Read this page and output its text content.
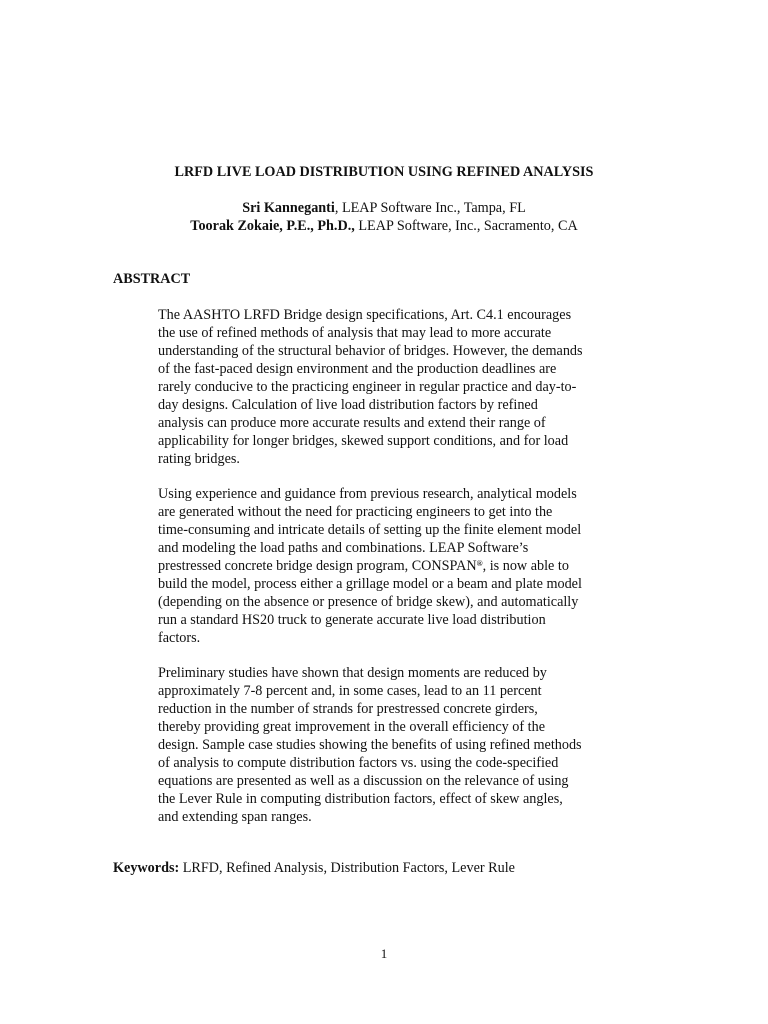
LRFD LIVE LOAD DISTRIBUTION USING REFINED ANALYSIS
Sri Kanneganti, LEAP Software Inc., Tampa, FL
Toorak Zokaie, P.E., Ph.D., LEAP Software, Inc., Sacramento, CA
ABSTRACT
The AASHTO LRFD Bridge design specifications, Art. C4.1 encourages
the use of refined methods of analysis that may lead to more accurate
understanding of the structural behavior of bridges. However, the demands
of the fast-paced design environment and the production deadlines are
rarely conducive to the practicing engineer in regular practice and day-to-
day designs. Calculation of live load distribution factors by refined
analysis can produce more accurate results and extend their range of
applicability for longer bridges, skewed support conditions, and for load
rating bridges.
Using experience and guidance from previous research, analytical models
are generated without the need for practicing engineers to get into the
time-consuming and intricate details of setting up the finite element model
and modeling the load paths and combinations. LEAP Software’s
prestressed concrete bridge design program, CONSPAN®, is now able to
build the model, process either a grillage model or a beam and plate model
(depending on the absence or presence of bridge skew), and automatically
run a standard HS20 truck to generate accurate live load distribution
factors.
Preliminary studies have shown that design moments are reduced by
approximately 7-8 percent and, in some cases, lead to an 11 percent
reduction in the number of strands for prestressed concrete girders,
thereby providing great improvement in the overall efficiency of the
design. Sample case studies showing the benefits of using refined methods
of analysis to compute distribution factors vs. using the code-specified
equations are presented as well as a discussion on the relevance of using
the Lever Rule in computing distribution factors, effect of skew angles,
and extending span ranges.
Keywords: LRFD, Refined Analysis, Distribution Factors, Lever Rule
1
